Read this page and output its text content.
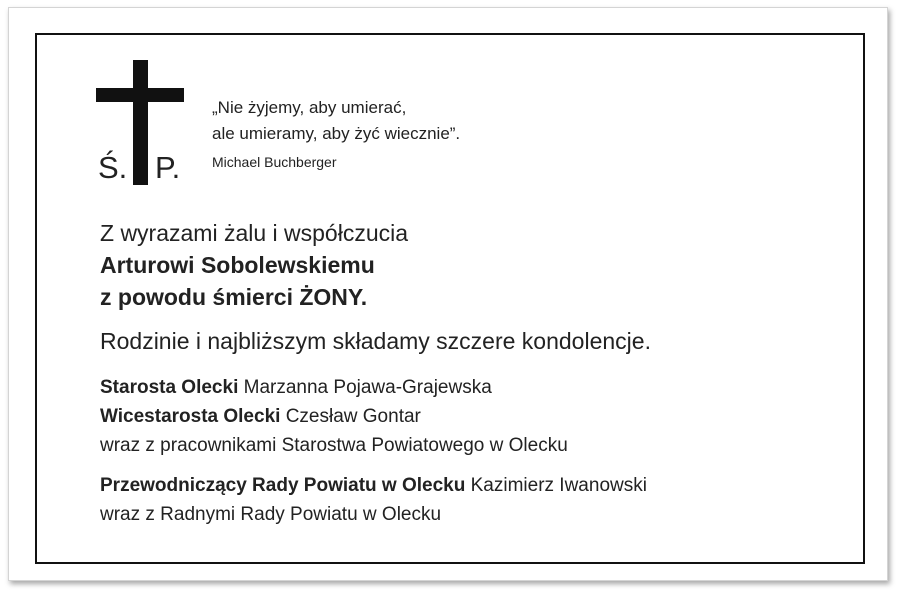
Ś. P.
„Nie żyjemy, aby umierać,
ale umieramy, aby żyć wiecznie”.
Michael Buchberger
Z wyrazami żalu i współczucia
Arturowi Sobolewskiemu
z powodu śmierci ŻONY.
Rodzinie i najbliższym składamy szczere kondolencje.
Starosta Olecki Marzanna Pojawa-Grajewska
Wicestarosta Olecki Czesław Gontar
wraz z pracownikami Starostwa Powiatowego w Olecku
Przewodniczący Rady Powiatu w Olecku Kazimierz Iwanowski
wraz z Radnymi Rady Powiatu w Olecku
